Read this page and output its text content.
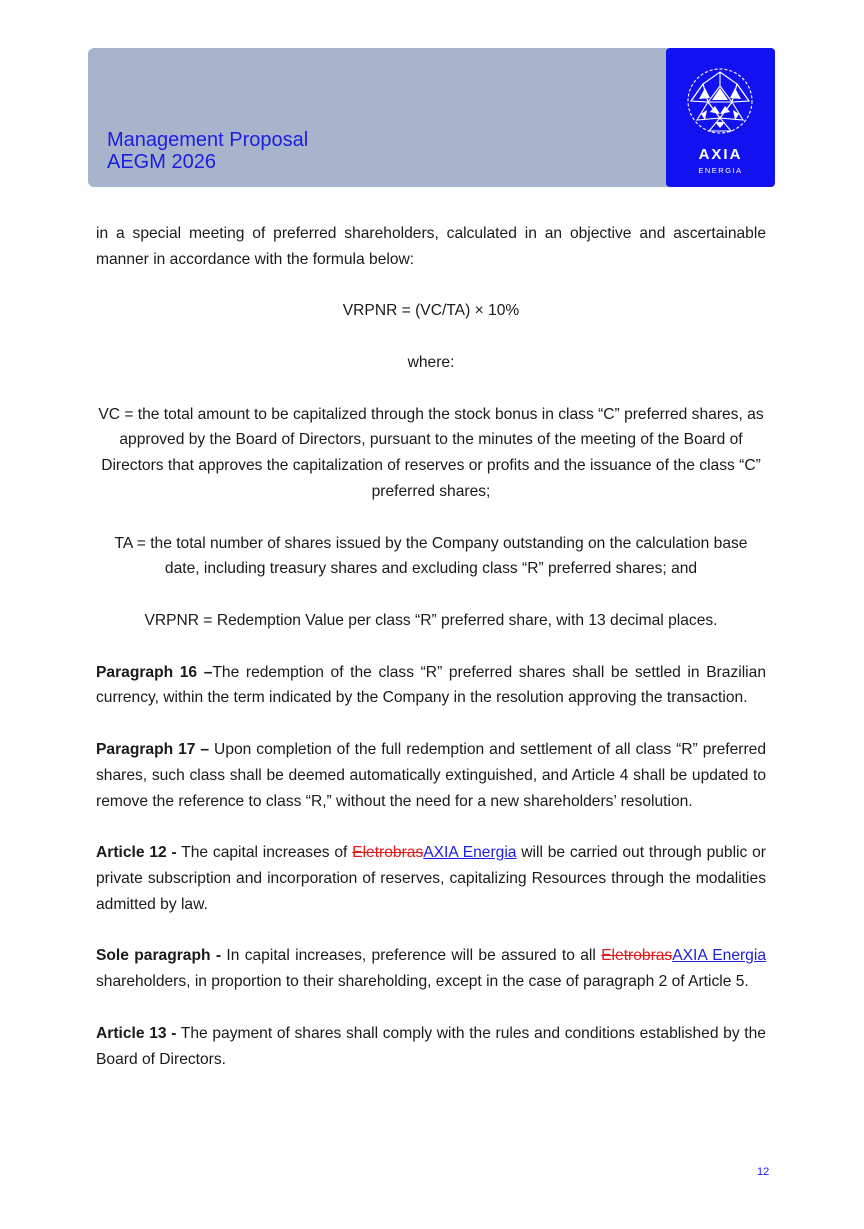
Management Proposal
AEGM 2026	AXIA
ENERGIA

in a special meeting of preferred shareholders, calculated in an objective and ascertainable manner in accordance with the formula below:

VRPNR = (VC/TA) × 10%

where:

VC = the total amount to be capitalized through the stock bonus in class “C” preferred shares, as approved by the Board of Directors, pursuant to the minutes of the meeting of the Board of Directors that approves the capitalization of reserves or profits and the issuance of the class “C” preferred shares;

TA = the total number of shares issued by the Company outstanding on the calculation base date, including treasury shares and excluding class “R” preferred shares; and

VRPNR = Redemption Value per class “R” preferred share, with 13 decimal places.

Paragraph 16 –The redemption of the class “R” preferred shares shall be settled in Brazilian currency, within the term indicated by the Company in the resolution approving the transaction.

Paragraph 17 – Upon completion of the full redemption and settlement of all class “R” preferred shares, such class shall be deemed automatically extinguished, and Article 4 shall be updated to remove the reference to class “R,” without the need for a new shareholders’ resolution.

Article 12 - The capital increases of EletrobrasAXIA Energia will be carried out through public or private subscription and incorporation of reserves, capitalizing Resources through the modalities admitted by law.

Sole paragraph - In capital increases, preference will be assured to all EletrobrasAXIA Energia shareholders, in proportion to their shareholding, except in the case of paragraph 2 of Article 5.

Article 13 - The payment of shares shall comply with the rules and conditions established by the Board of Directors.

12
